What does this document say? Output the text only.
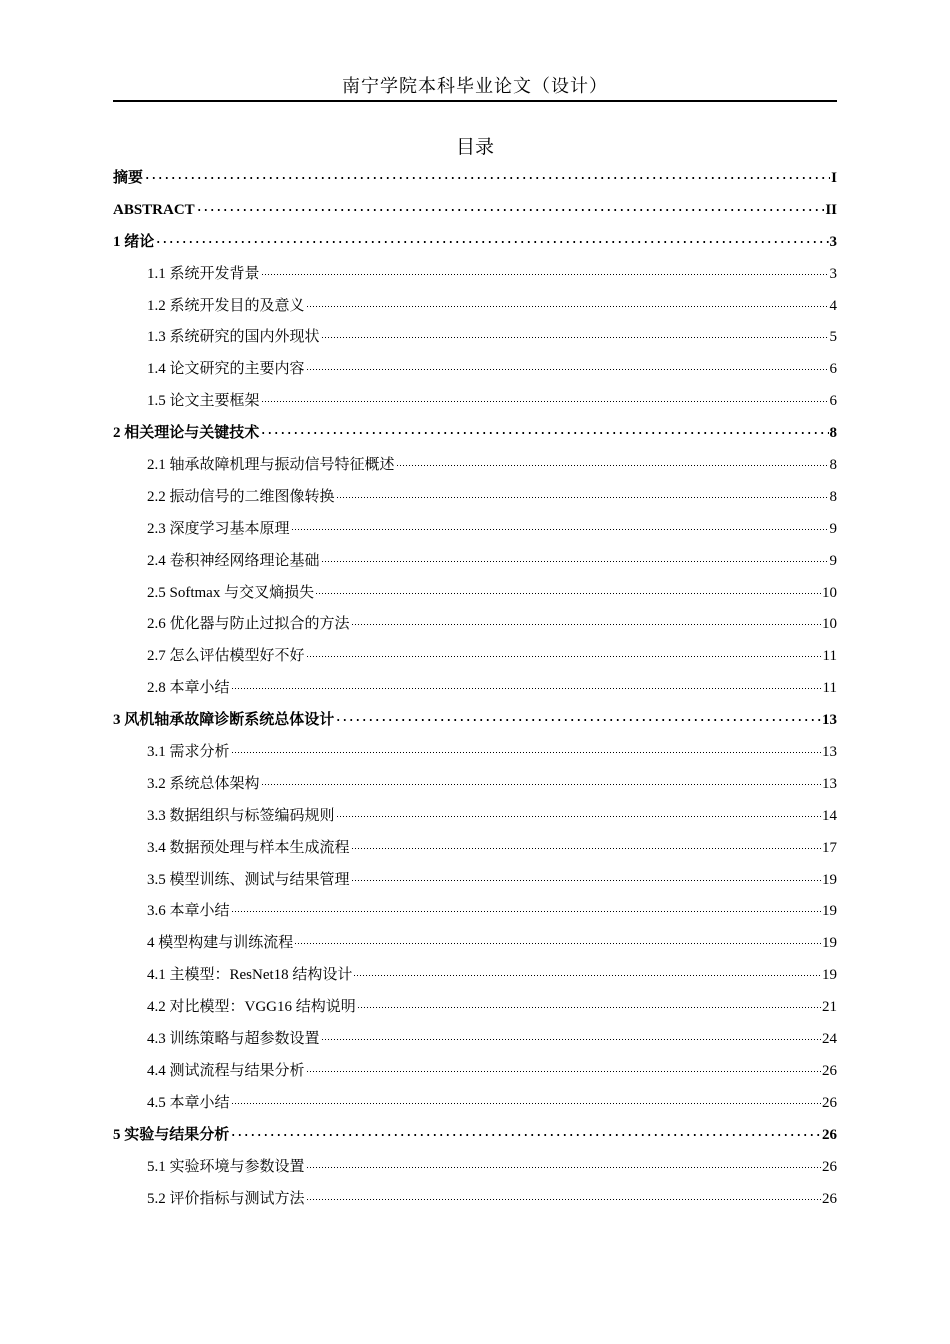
南宁学院本科毕业论文（设计）
目录
摘要	I
ABSTRACT	II
1 绪论	3
1.1 系统开发背景	3
1.2 系统开发目的及意义	4
1.3 系统研究的国内外现状	5
1.4 论文研究的主要内容	6
1.5 论文主要框架	6
2 相关理论与关键技术	8
2.1 轴承故障机理与振动信号特征概述	8
2.2 振动信号的二维图像转换	8
2.3 深度学习基本原理	9
2.4 卷积神经网络理论基础	9
2.5 Softmax 与交叉熵损失	10
2.6 优化器与防止过拟合的方法	10
2.7 怎么评估模型好不好	11
2.8 本章小结	11
3 风机轴承故障诊断系统总体设计	13
3.1 需求分析	13
3.2 系统总体架构	13
3.3 数据组织与标签编码规则	14
3.4 数据预处理与样本生成流程	17
3.5 模型训练、测试与结果管理	19
3.6 本章小结	19
4 模型构建与训练流程	19
4.1 主模型：ResNet18 结构设计	19
4.2 对比模型：VGG16 结构说明	21
4.3 训练策略与超参数设置	24
4.4 测试流程与结果分析	26
4.5 本章小结	26
5 实验与结果分析	26
5.1 实验环境与参数设置	26
5.2 评价指标与测试方法	26
